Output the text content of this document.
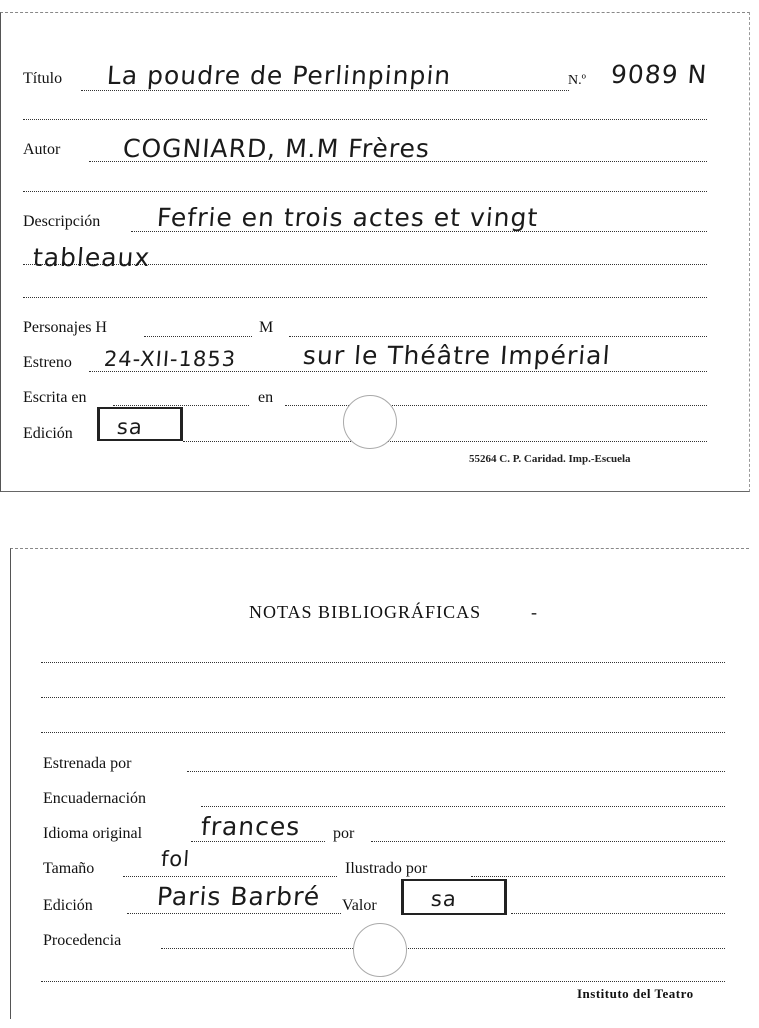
Título La poudre de Perlinpinpin	N.º 9089 N
Autor COGNIARD, M.M Frères
Descripción Fefrie en trois actes et vingt
tableaux
Personajes H	M
Estreno 24-XII-1853	sur le Théâtre Impérial
Escrita en	en
Edición sa
55264 C. P. Caridad. Imp.-Escuela
NOTAS BIBLIOGRÁFICAS	-
Estrenada por
Encuadernación
Idioma original frances por
Tamaño	fol	Ilustrado por
Edición	Paris Barbré Valor	sa
Procedencia
Instituto del Teatro
